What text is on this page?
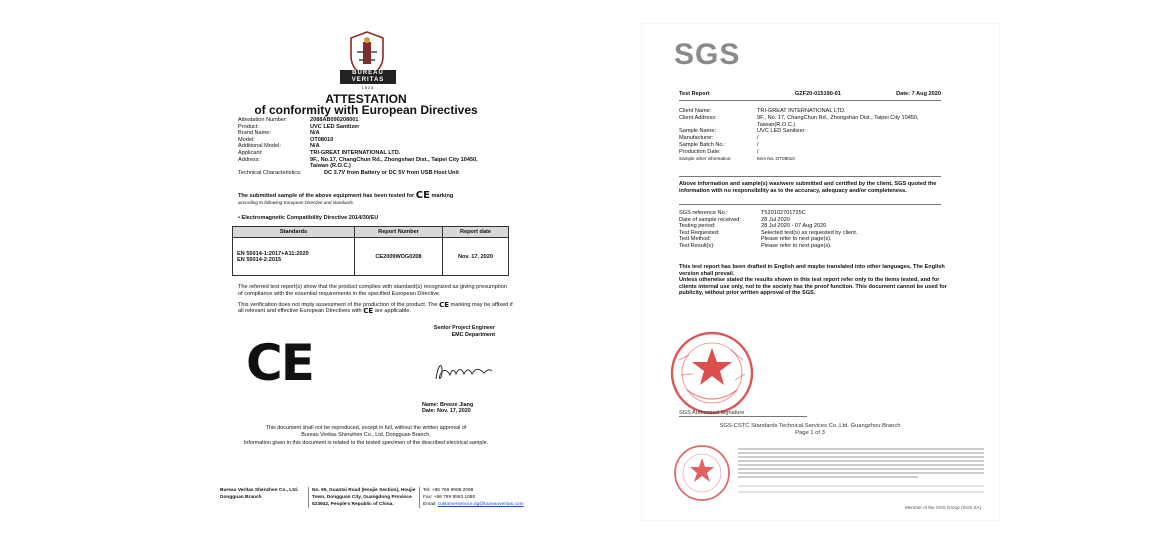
BUREAU
VERITAS
1828
ATTESTATION
of conformity with European Directives
Attestation Number:	2088AB090208001
Product:	UVC LED Sanitizer
Brand Name:	N/A
Model:	OT08010
Additional Model:	N/A
Applicant:	TRI-GREAT INTERNATIONAL LTD.
Address:	9F., No.17, ChangChun Rd., Zhongshan Dist., Taipei City 10450,
Taiwan (R.O.C.)
Technical Characteristics:	DC 3.7V from Battery or DC 5V from USB Host Unit
The submitted sample of the above equipment has been tested for CE marking
according to following European Directive and standards.
• Electromagnetic Compatibility Directive 2014/30/EU
Standards	Report Number	Report date

EN 55014-1:2017+A11:2020
EN 55014-2:2015	CE2009WDG0208	Nov. 17, 2020

The referred test report(s) show that the product complies with standard(s) recognized as giving presumption of compliance with the essential requirements in the specified European Directive.

This verification does not imply assessment of the production of the product. The CE marking may be affixed if all relevant and effective European Directives with CE are applicable.

Senior Project Engineer
EMC Department
CE	Breeze
Name: Breeze Jiang
Date: Nov. 17, 2020
This document shall not be reproduced, except in full, without the written approval of
Bureau Veritas Shenzhen Co., Ltd. Dongguan Branch.
Information given in this document is related to the tested specimen of the described electrical sample.
Bureau Veritas Shenzhen Co., Ltd.
Dongguan Branch
No. 95, Guantai Road (Houjie Section), Houjie
Town, Dongguan City, Guangdong Province
523942, People's Republic of China.
Tel: +86 769 8998 2098
Fax: +86 769 8593 1080
Email: customerservice.dg@bureauveritas.com
SGS
Test Report	GZF20-015190-01	Date: 7 Aug 2020
Client Name:	TRI-GREAT INTERNATIONAL LTD.
Client Address:	9F., No. 17, ChangChun Rd., Zhongshan Dist., Taipei City 10450,
Taiwan(R.O.C.)
Sample Name:	UVC LED Sanitizer
Manufacturer:	/
Sample Batch No.:	/
Production Date:	/
Sample other information:	Item No.:OT08010
Above information and sample(s) was/were submitted and certified by the client, SGS quoted the information with no responsibility as to the accuracy, adequacy and/or completeness.
SGS reference No.:	T520102701725C
Date of sample received:	28 Jul 2020
Testing period:	28 Jul 2020 - 07 Aug 2020
Test Requested:	Selected test(s) as requested by client.
Test Method:	Please refer to next page(s).
Test Result(s):	Please refer to next page(s).
This test report has been drafted in English and maybe translated into other languages, The English version shall prevail.
Unless otherwise stated the results shown in this test report refer only to the items tested, and for clients internal use only, not to the society has the proof function. This document cannot be used for publicity, without prior written approval of the SGS.
SGS Authorized Signature
SGS-CSTC Standards Technical Services Co.,Ltd. Guangzhou Branch
Page 1 of 3
Member of the SGS Group (SGS SA)
